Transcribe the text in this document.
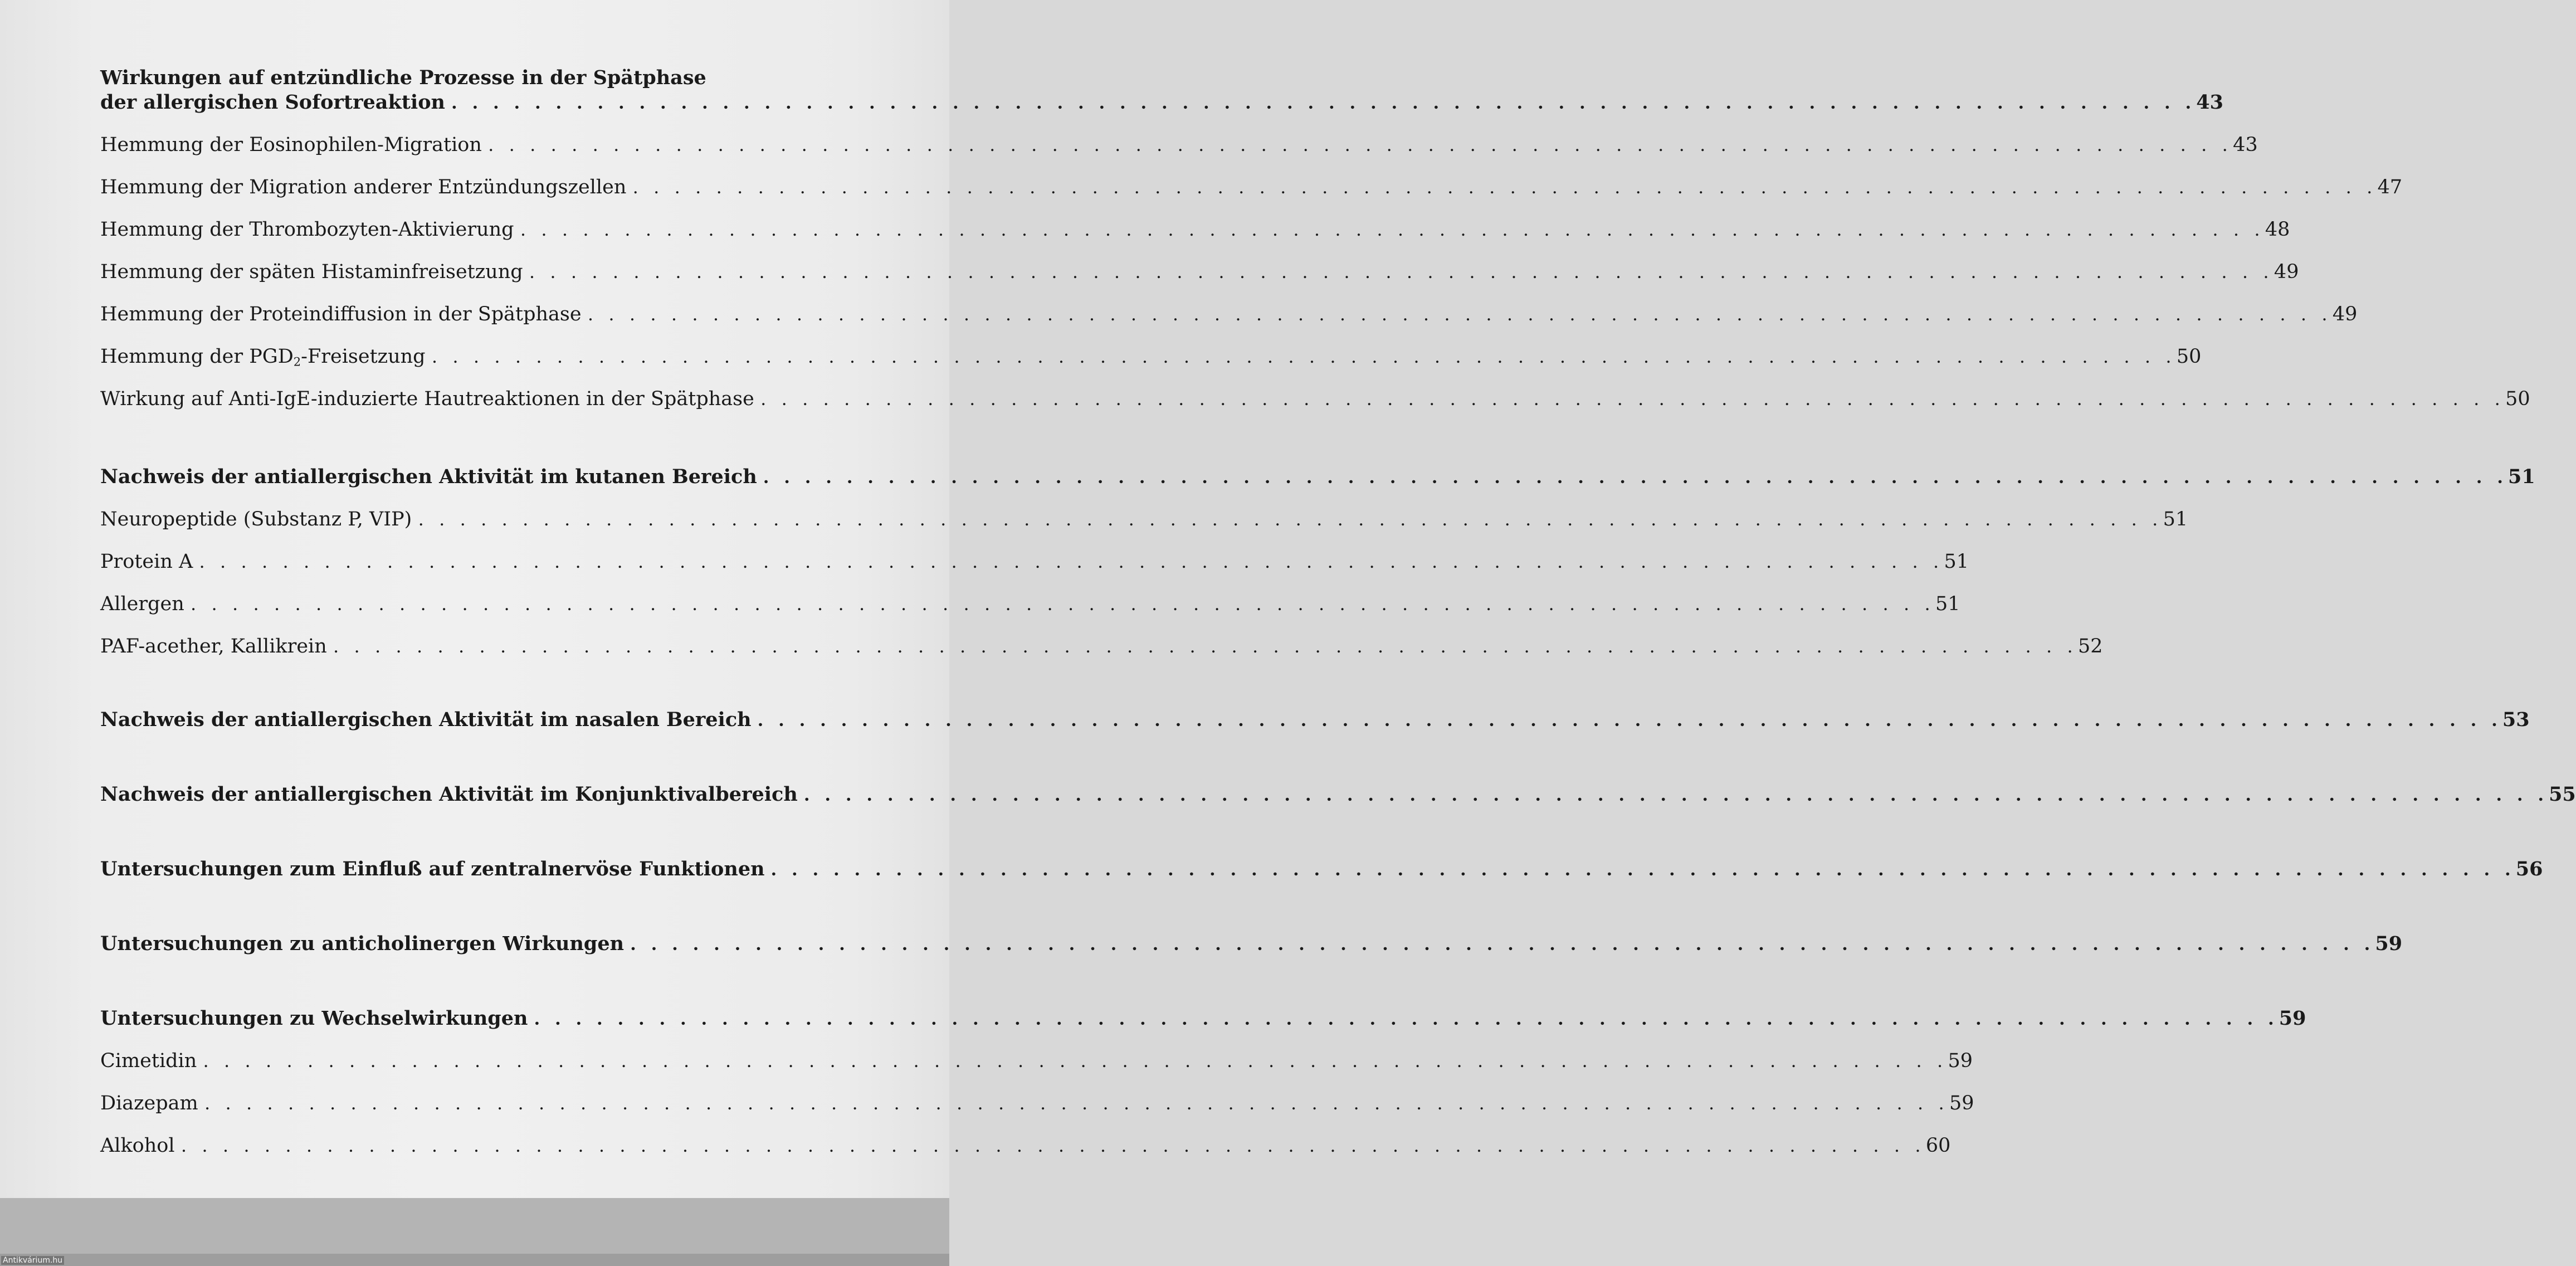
Wirkungen auf entzündliche Prozesse in der Spätphase
der allergischen Sofortreaktion . . . . . . . . . . . . . . . . . . . . . . . . . . . . . . . . . . . . . . . . . . . . . . . . . . . . . . . . . . . . . . . . . . . . . . . . . . . . . . . . . . . . 43
Hemmung der Eosinophilen-Migration . . . . . . . . . . . . . . . . . . . . . . . . . . . . . . . . . . . . . . . . . . . . . . . . . . . . . . . . . . . . . . . . . . . . . . . . . . . . . . . . . . . . 43
Hemmung der Migration anderer Entzündungszellen . . . . . . . . . . . . . . . . . . . . . . . . . . . . . . . . . . . . . . . . . . . . . . . . . . . . . . . . . . . . . . . . . . . . . . . . . . . . . . . . . . . . 47
Hemmung der Thrombozyten-Aktivierung . . . . . . . . . . . . . . . . . . . . . . . . . . . . . . . . . . . . . . . . . . . . . . . . . . . . . . . . . . . . . . . . . . . . . . . . . . . . . . . . . . . . 48
Hemmung der späten Histaminfreisetzung . . . . . . . . . . . . . . . . . . . . . . . . . . . . . . . . . . . . . . . . . . . . . . . . . . . . . . . . . . . . . . . . . . . . . . . . . . . . . . . . . . . . 49
Hemmung der Proteindiffusion in der Spätphase . . . . . . . . . . . . . . . . . . . . . . . . . . . . . . . . . . . . . . . . . . . . . . . . . . . . . . . . . . . . . . . . . . . . . . . . . . . . . . . . . . . . 49
Hemmung der $PGD_2$-Freisetzung . . . . . . . . . . . . . . . . . . . . . . . . . . . . . . . . . . . . . . . . . . . . . . . . . . . . . . . . . . . . . . . . . . . . . . . . . . . . . . . . . . . . 50
Wirkung auf Anti-IgE-induzierte Hautreaktionen in der Spätphase . . . . . . . . . . . . . . . . . . . . . . . . . . . . . . . . . . . . . . . . . . . . . . . . . . . . . . . . . . . . . . . . . . . . . . . . . . . . . . . . . . . . 50
Nachweis der antiallergischen Aktivität im kutanen Bereich . . . . . . . . . . . . . . . . . . . . . . . . . . . . . . . . . . . . . . . . . . . . . . . . . . . . . . . . . . . . . . . . . . . . . . . . . . . . . . . . . . . . 51
Neuropeptide (Substanz P, VIP) . . . . . . . . . . . . . . . . . . . . . . . . . . . . . . . . . . . . . . . . . . . . . . . . . . . . . . . . . . . . . . . . . . . . . . . . . . . . . . . . . . . . 51
Protein A . . . . . . . . . . . . . . . . . . . . . . . . . . . . . . . . . . . . . . . . . . . . . . . . . . . . . . . . . . . . . . . . . . . . . . . . . . . . . . . . . . . . 51
Allergen . . . . . . . . . . . . . . . . . . . . . . . . . . . . . . . . . . . . . . . . . . . . . . . . . . . . . . . . . . . . . . . . . . . . . . . . . . . . . . . . . . . . 51
PAF-acether, Kallikrein . . . . . . . . . . . . . . . . . . . . . . . . . . . . . . . . . . . . . . . . . . . . . . . . . . . . . . . . . . . . . . . . . . . . . . . . . . . . . . . . . . . . 52
Nachweis der antiallergischen Aktivität im nasalen Bereich . . . . . . . . . . . . . . . . . . . . . . . . . . . . . . . . . . . . . . . . . . . . . . . . . . . . . . . . . . . . . . . . . . . . . . . . . . . . . . . . . . . . 53
Nachweis der antiallergischen Aktivität im Konjunktivalbereich . . . . . . . . . . . . . . . . . . . . . . . . . . . . . . . . . . . . . . . . . . . . . . . . . . . . . . . . . . . . . . . . . . . . . . . . . . . . . . . . . . . . 55
Untersuchungen zum Einfluß auf zentralnervöse Funktionen . . . . . . . . . . . . . . . . . . . . . . . . . . . . . . . . . . . . . . . . . . . . . . . . . . . . . . . . . . . . . . . . . . . . . . . . . . . . . . . . . . . . 56
Untersuchungen zu anticholinergen Wirkungen . . . . . . . . . . . . . . . . . . . . . . . . . . . . . . . . . . . . . . . . . . . . . . . . . . . . . . . . . . . . . . . . . . . . . . . . . . . . . . . . . . . . 59
Untersuchungen zu Wechselwirkungen . . . . . . . . . . . . . . . . . . . . . . . . . . . . . . . . . . . . . . . . . . . . . . . . . . . . . . . . . . . . . . . . . . . . . . . . . . . . . . . . . . . . 59
Cimetidin . . . . . . . . . . . . . . . . . . . . . . . . . . . . . . . . . . . . . . . . . . . . . . . . . . . . . . . . . . . . . . . . . . . . . . . . . . . . . . . . . . . . 59
Diazepam . . . . . . . . . . . . . . . . . . . . . . . . . . . . . . . . . . . . . . . . . . . . . . . . . . . . . . . . . . . . . . . . . . . . . . . . . . . . . . . . . . . . 59
Alkohol . . . . . . . . . . . . . . . . . . . . . . . . . . . . . . . . . . . . . . . . . . . . . . . . . . . . . . . . . . . . . . . . . . . . . . . . . . . . . . . . . . . . 60
Antikvárium.hu
